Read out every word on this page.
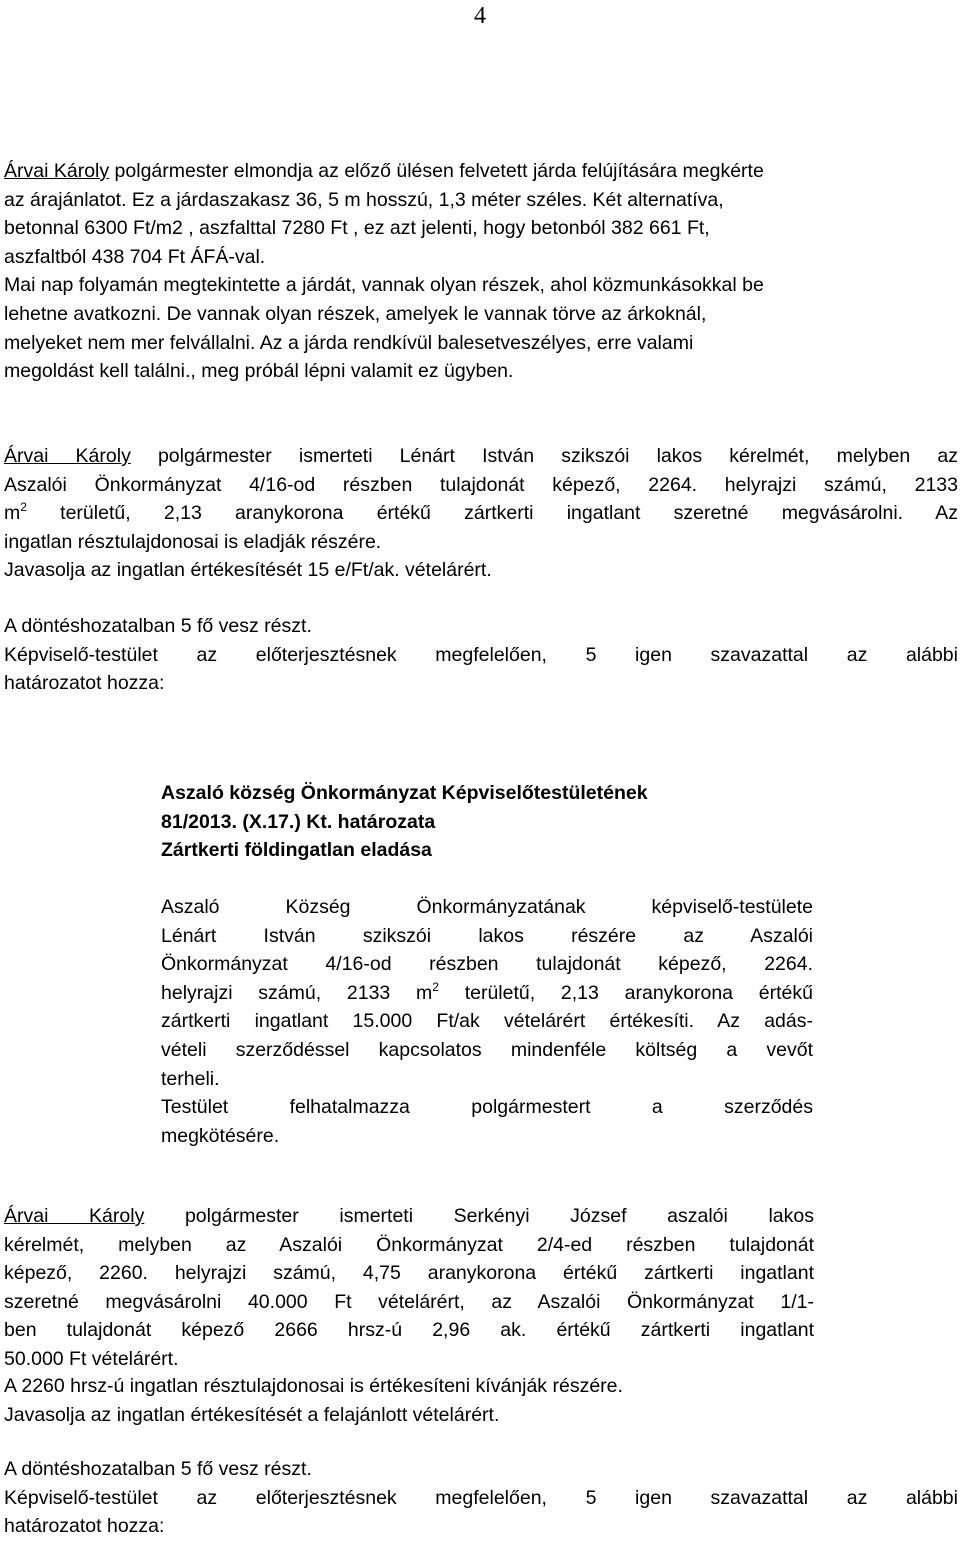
4
Árvai Károly polgármester elmondja az előző ülésen felvetett járda felújítására megkérte
az árajánlatot. Ez a járdaszakasz 36, 5 m hosszú, 1,3 méter széles. Két alternatíva,
betonnal 6300 Ft/m2 , aszfalttal 7280 Ft , ez azt jelenti, hogy betonból 382 661 Ft,
aszfaltból 438 704 Ft ÁFÁ-val.
Mai nap folyamán megtekintette a járdát, vannak olyan részek, ahol közmunkásokkal be
lehetne avatkozni. De vannak olyan részek, amelyek le vannak törve az árkoknál,
melyeket nem mer felvállalni. Az a járda rendkívül balesetveszélyes, erre valami
megoldást kell találni., meg próbál lépni valamit ez ügyben.
Árvai Károly polgármester ismerteti Lénárt István szikszói lakos kérelmét, melyben az
Aszalói Önkormányzat 4/16-od részben tulajdonát képező, 2264. helyrajzi számú, 2133
$m^2$ területű, 2,13 aranykorona értékű zártkerti ingatlant szeretné megvásárolni. Az
ingatlan résztulajdonosai is eladják részére.
Javasolja az ingatlan értékesítését 15 e/Ft/ak. vételárért.
A döntéshozatalban 5 fő vesz részt.
Képviselő-testület az előterjesztésnek megfelelően, 5 igen szavazattal az alábbi
határozatot hozza:
Aszaló község Önkormányzat Képviselőtestületének
81/2013. (X.17.) Kt. határozata
Zártkerti földingatlan eladása
Aszaló Község Önkormányzatának képviselő-testülete
Lénárt István szikszói lakos részére az Aszalói
Önkormányzat 4/16-od részben tulajdonát képező, 2264.
helyrajzi számú, 2133 $m^2$ területű, 2,13 aranykorona értékű
zártkerti ingatlant 15.000 Ft/ak vételárért értékesíti. Az adás-
vételi szerződéssel kapcsolatos mindenféle költség a vevőt
terheli.
Testület felhatalmazza polgármestert a szerződés
megkötésére.
Árvai Károly polgármester ismerteti Serkényi József aszalói lakos
kérelmét, melyben az Aszalói Önkormányzat 2/4-ed részben tulajdonát
képező, 2260. helyrajzi számú, 4,75 aranykorona értékű zártkerti ingatlant
szeretné megvásárolni 40.000 Ft vételárért, az Aszalói Önkormányzat 1/1-
ben tulajdonát képező 2666 hrsz-ú 2,96 ak. értékű zártkerti ingatlant
50.000 Ft vételárért.
A 2260 hrsz-ú ingatlan résztulajdonosai is értékesíteni kívánják részére.
Javasolja az ingatlan értékesítését a felajánlott vételárért.
A döntéshozatalban 5 fő vesz részt.
Képviselő-testület az előterjesztésnek megfelelően, 5 igen szavazattal az alábbi
határozatot hozza:
